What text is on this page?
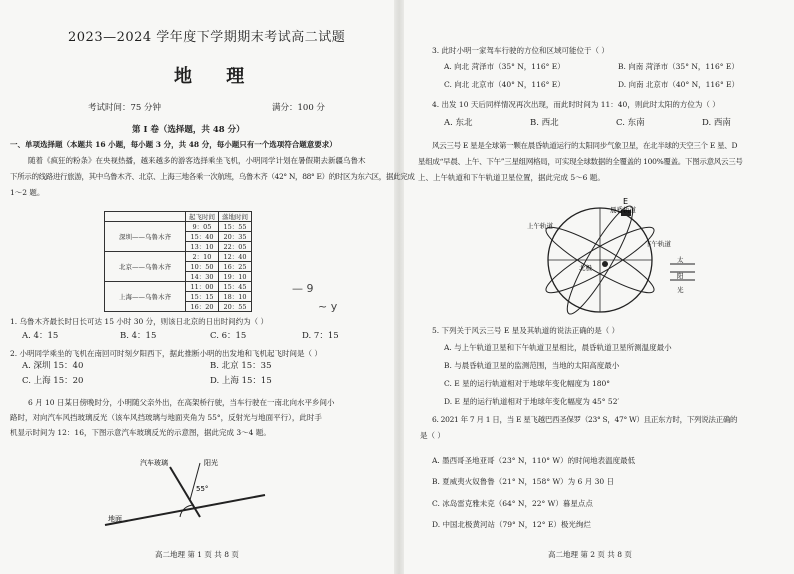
2023—2024 学年度下学期期末考试高二试题
地 理
考试时间：75 分钟	满分：100 分
第 Ⅰ 卷（选择题，共 48 分）
一、单项选择题（本题共 16 小题，每小题 3 分，共 48 分，每小题只有一个选项符合题意要求）
随着《疯狂的粉条》在央视热播，越来越多的游客选择乘坐飞机，小明同学计划在暑假期去新疆乌鲁木
下所示的线路进行旅游，其中乌鲁木齐、北京、上海三地各乘一次航班，乌鲁木齐（42° N，88° E）的时区为东六区，据此完成
1～2 题。
	起飞时间	落地时间
深圳——乌鲁木齐	9：05	15：55
	15：40	20：35
	13：10	22：05
北京——乌鲁木齐	2：10	12：40
	10：50	16：25
	14：30	19：10
上海——乌鲁木齐	11：00	15：45
	15：15	18：10
	16：20	20：55
— 9
~ y
1. 乌鲁木齐最长时日长可达 15 小时 30 分，则该日北京的日出时间约为（ ）
A. 4：15	B. 4：15	C. 6：15	D. 7：15
2. 小明同学乘坐的飞机在南回可时刻夕阳西下，据此推断小明的出发地和飞机起飞时间是（ ）
A. 深圳 15：40	B. 北京 15：35
C. 上海 15：20	D. 上海 15：15
6 月 10 日某日傍晚时分，小明随父亲外出，在高架桥行驶，当车行驶在一南北向水平乡间小
路时，对向汽车风挡玻璃反光（该车风挡玻璃与地面夹角为 55°，反射光与地面平行），此时手
机显示时间为 12：16，下图示意汽车玻璃反光的示意图，据此完成 3～4 题。
汽车玻璃	阳光
55°
地面
高二地理 第 1 页 共 8 页
3. 此时小明一家驾车行驶的方位和区域可能位于（ ）
A. 向北 菏泽市（35° N，116° E）	B. 向南 菏泽市（35° N，116° E）
C. 向北 北京市（40° N，116° E）	D. 向南 北京市（40° N，116° E）
4. 出发 10 天后同样情况再次出现，而此时时间为 11：40，则此时太阳的方位为（ ）
A. 东北	B. 西北	C. 东南	D. 西南
风云三号 E 星是全球第一颗在晨昏轨道运行的太阳同步气象卫星，在北半球的天空三个 E 星、D
星组成“早晨、上午、下午”三星组网格局，可实现全球数据的全覆盖的 100%覆盖。下图示意风云三号
上、上午轨道和下午轨道卫星位置，据此完成 5～6 题。
E
晨昏轨道
上午轨道
下午轨道
北极
太
阳
光
5. 下列关于风云三号 E 星及其轨道的说法正确的是（ ）
A. 与上午轨道卫星和下午轨道卫星相比，晨昏轨道卫星所测温度最小
B. 与晨昏轨道卫星的监测范围，当地的太阳高度最小
C. E 星的运行轨道相对于地球年变化幅度为 180°
D. E 星的运行轨道相对于地球年变化幅度为 45° 52′
6. 2021 年 7 月 1 日，当 E 星飞越巴西圣保罗（23° S，47° W）且正东方时，下列说法正确的
是（ ）
A. 墨西哥圣地亚哥（23° N，110° W）的时间地表温度最低
B. 夏威夷火奴鲁鲁（21° N，158° W）为 6 月 30 日
C. 冰岛雷克雅未克（64° N，22° W）暮星点点
D. 中国北极黄河站（79° N，12° E）极光绚烂
高二地理 第 2 页 共 8 页
